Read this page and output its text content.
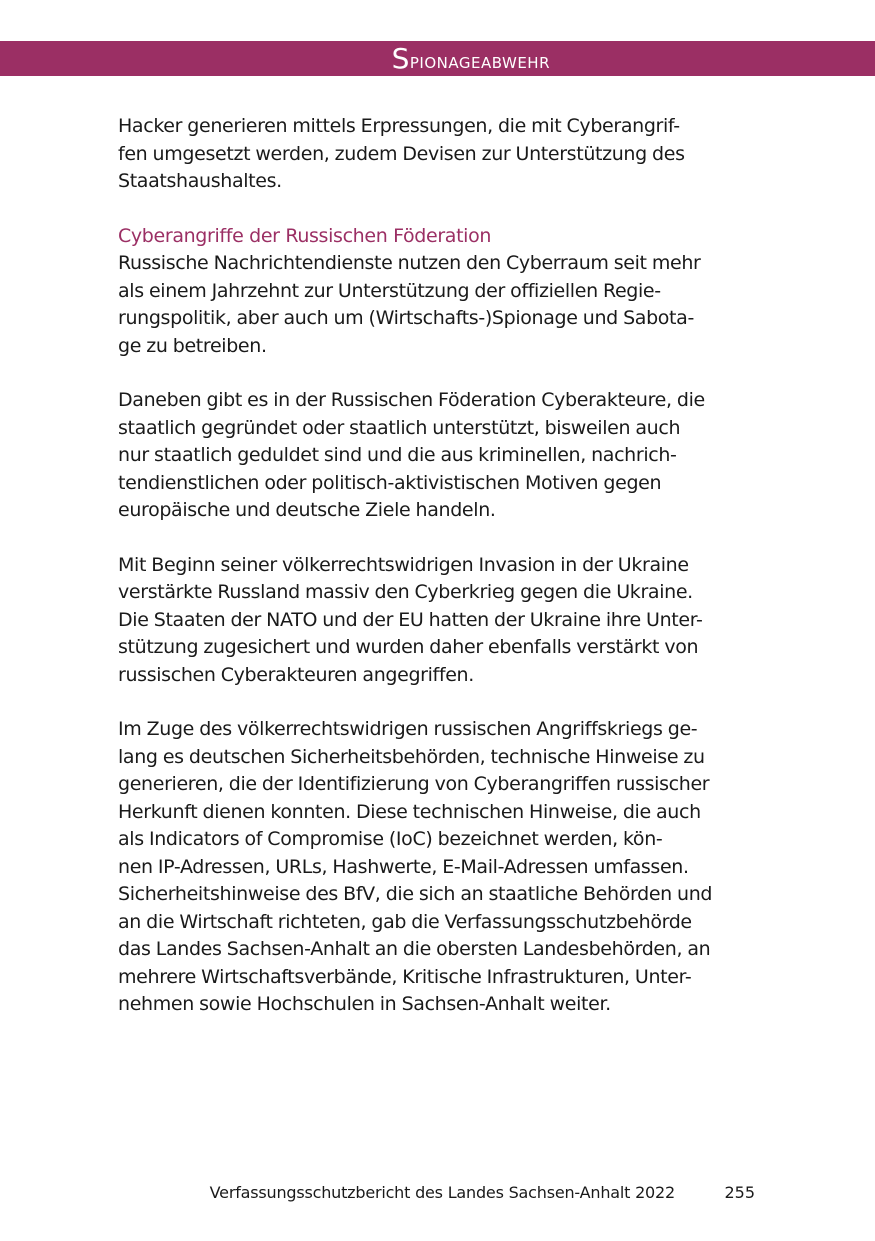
Spionageabwehr
Hacker generieren mittels Erpressungen, die mit Cyberangrif-
fen umgesetzt werden, zudem Devisen zur Unterstützung des
Staatshaushaltes.
Cyberangriffe der Russischen Föderation
Russische Nachrichtendienste nutzen den Cyberraum seit mehr
als einem Jahrzehnt zur Unterstützung der offiziellen Regie-
rungspolitik, aber auch um (Wirtschafts-)Spionage und Sabota-
ge zu betreiben.
Daneben gibt es in der Russischen Föderation Cyberakteure, die
staatlich gegründet oder staatlich unterstützt, bisweilen auch
nur staatlich geduldet sind und die aus kriminellen, nachrich-
tendienstlichen oder politisch-aktivistischen Motiven gegen
europäische und deutsche Ziele handeln.
Mit Beginn seiner völkerrechtswidrigen Invasion in der Ukraine
verstärkte Russland massiv den Cyberkrieg gegen die Ukraine.
Die Staaten der NATO und der EU hatten der Ukraine ihre Unter-
stützung zugesichert und wurden daher ebenfalls verstärkt von
russischen Cyberakteuren angegriffen.
Im Zuge des völkerrechtswidrigen russischen Angriffskriegs ge-
lang es deutschen Sicherheitsbehörden, technische Hinweise zu
generieren, die der Identifizierung von Cyberangriffen russischer
Herkunft dienen konnten. Diese technischen Hinweise, die auch
als Indicators of Compromise (IoC) bezeichnet werden, kön-
nen IP-Adressen, URLs, Hashwerte, E-Mail-Adressen umfassen.
Sicherheitshinweise des BfV, die sich an staatliche Behörden und
an die Wirtschaft richteten, gab die Verfassungsschutzbehörde
das Landes Sachsen-Anhalt an die obersten Landesbehörden, an
mehrere Wirtschaftsverbände, Kritische Infrastrukturen, Unter-
nehmen sowie Hochschulen in Sachsen-Anhalt weiter.
Verfassungsschutzbericht des Landes Sachsen-Anhalt 2022	255
